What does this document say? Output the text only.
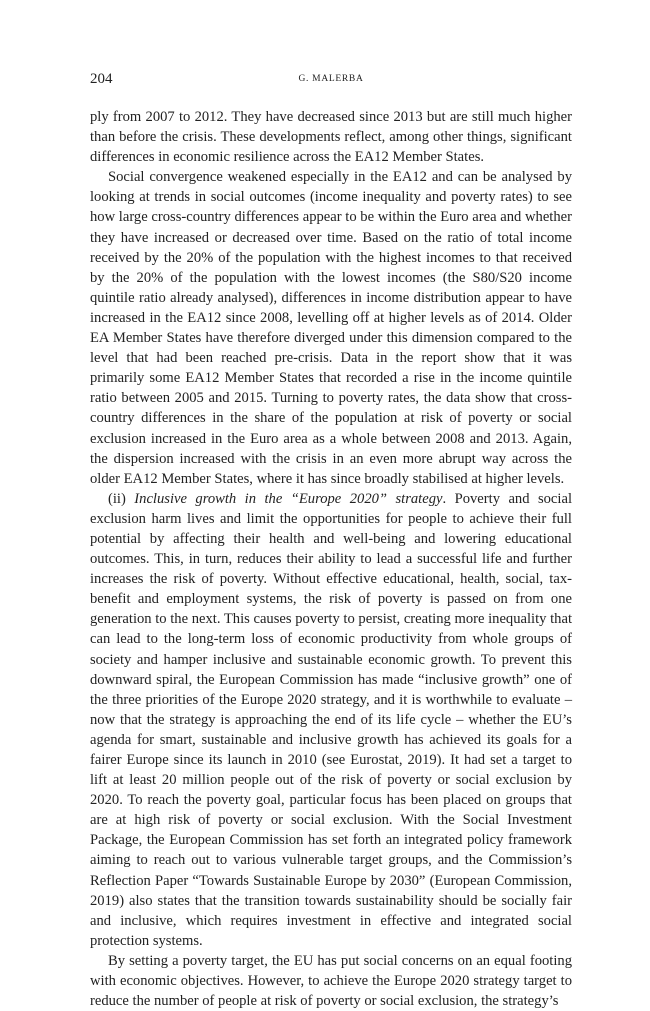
204	G. MALERBA

ply from 2007 to 2012. They have decreased since 2013 but are still much higher than before the crisis. These developments reflect, among other things, significant differences in economic resilience across the EA12 Member States.

Social convergence weakened especially in the EA12 and can be analysed by looking at trends in social outcomes (income inequality and poverty rates) to see how large cross-country differences appear to be within the Euro area and whether they have increased or decreased over time. Based on the ratio of total income received by the 20% of the population with the highest incomes to that received by the 20% of the population with the lowest incomes (the S80/S20 income quintile ratio already analysed), differences in income distribution appear to have increased in the EA12 since 2008, levelling off at higher levels as of 2014. Older EA Member States have therefore diverged under this dimension compared to the level that had been reached pre-crisis. Data in the report show that it was primarily some EA12 Member States that recorded a rise in the income quintile ratio between 2005 and 2015. Turning to poverty rates, the data show that cross-country differences in the share of the population at risk of poverty or social exclusion increased in the Euro area as a whole between 2008 and 2013. Again, the dispersion increased with the crisis in an even more abrupt way across the older EA12 Member States, where it has since broadly stabilised at higher levels.

(ii) Inclusive growth in the “Europe 2020” strategy. Poverty and social exclusion harm lives and limit the opportunities for people to achieve their full potential by affecting their health and well-being and lowering educational outcomes. This, in turn, reduces their ability to lead a successful life and further increases the risk of poverty. Without effective educational, health, social, tax-benefit and employment systems, the risk of poverty is passed on from one generation to the next. This causes poverty to persist, creating more inequality that can lead to the long-term loss of economic productivity from whole groups of society and hamper inclusive and sustainable economic growth. To prevent this downward spiral, the European Commission has made “inclusive growth” one of the three priorities of the Europe 2020 strategy, and it is worthwhile to evaluate – now that the strategy is approaching the end of its life cycle – whether the EU’s agenda for smart, sustainable and inclusive growth has achieved its goals for a fairer Europe since its launch in 2010 (see Eurostat, 2019). It had set a target to lift at least 20 million people out of the risk of poverty or social exclusion by 2020. To reach the poverty goal, particular focus has been placed on groups that are at high risk of poverty or social exclusion. With the Social Investment Package, the European Commission has set forth an integrated policy framework aiming to reach out to various vulnerable target groups, and the Commission’s Reflection Paper “Towards Sustainable Europe by 2030” (European Commission, 2019) also states that the transition towards sustainability should be socially fair and inclusive, which requires investment in effective and integrated social protection systems.

By setting a poverty target, the EU has put social concerns on an equal footing with economic objectives. However, to achieve the Europe 2020 strategy target to reduce the number of people at risk of poverty or social exclusion, the strategy’s
